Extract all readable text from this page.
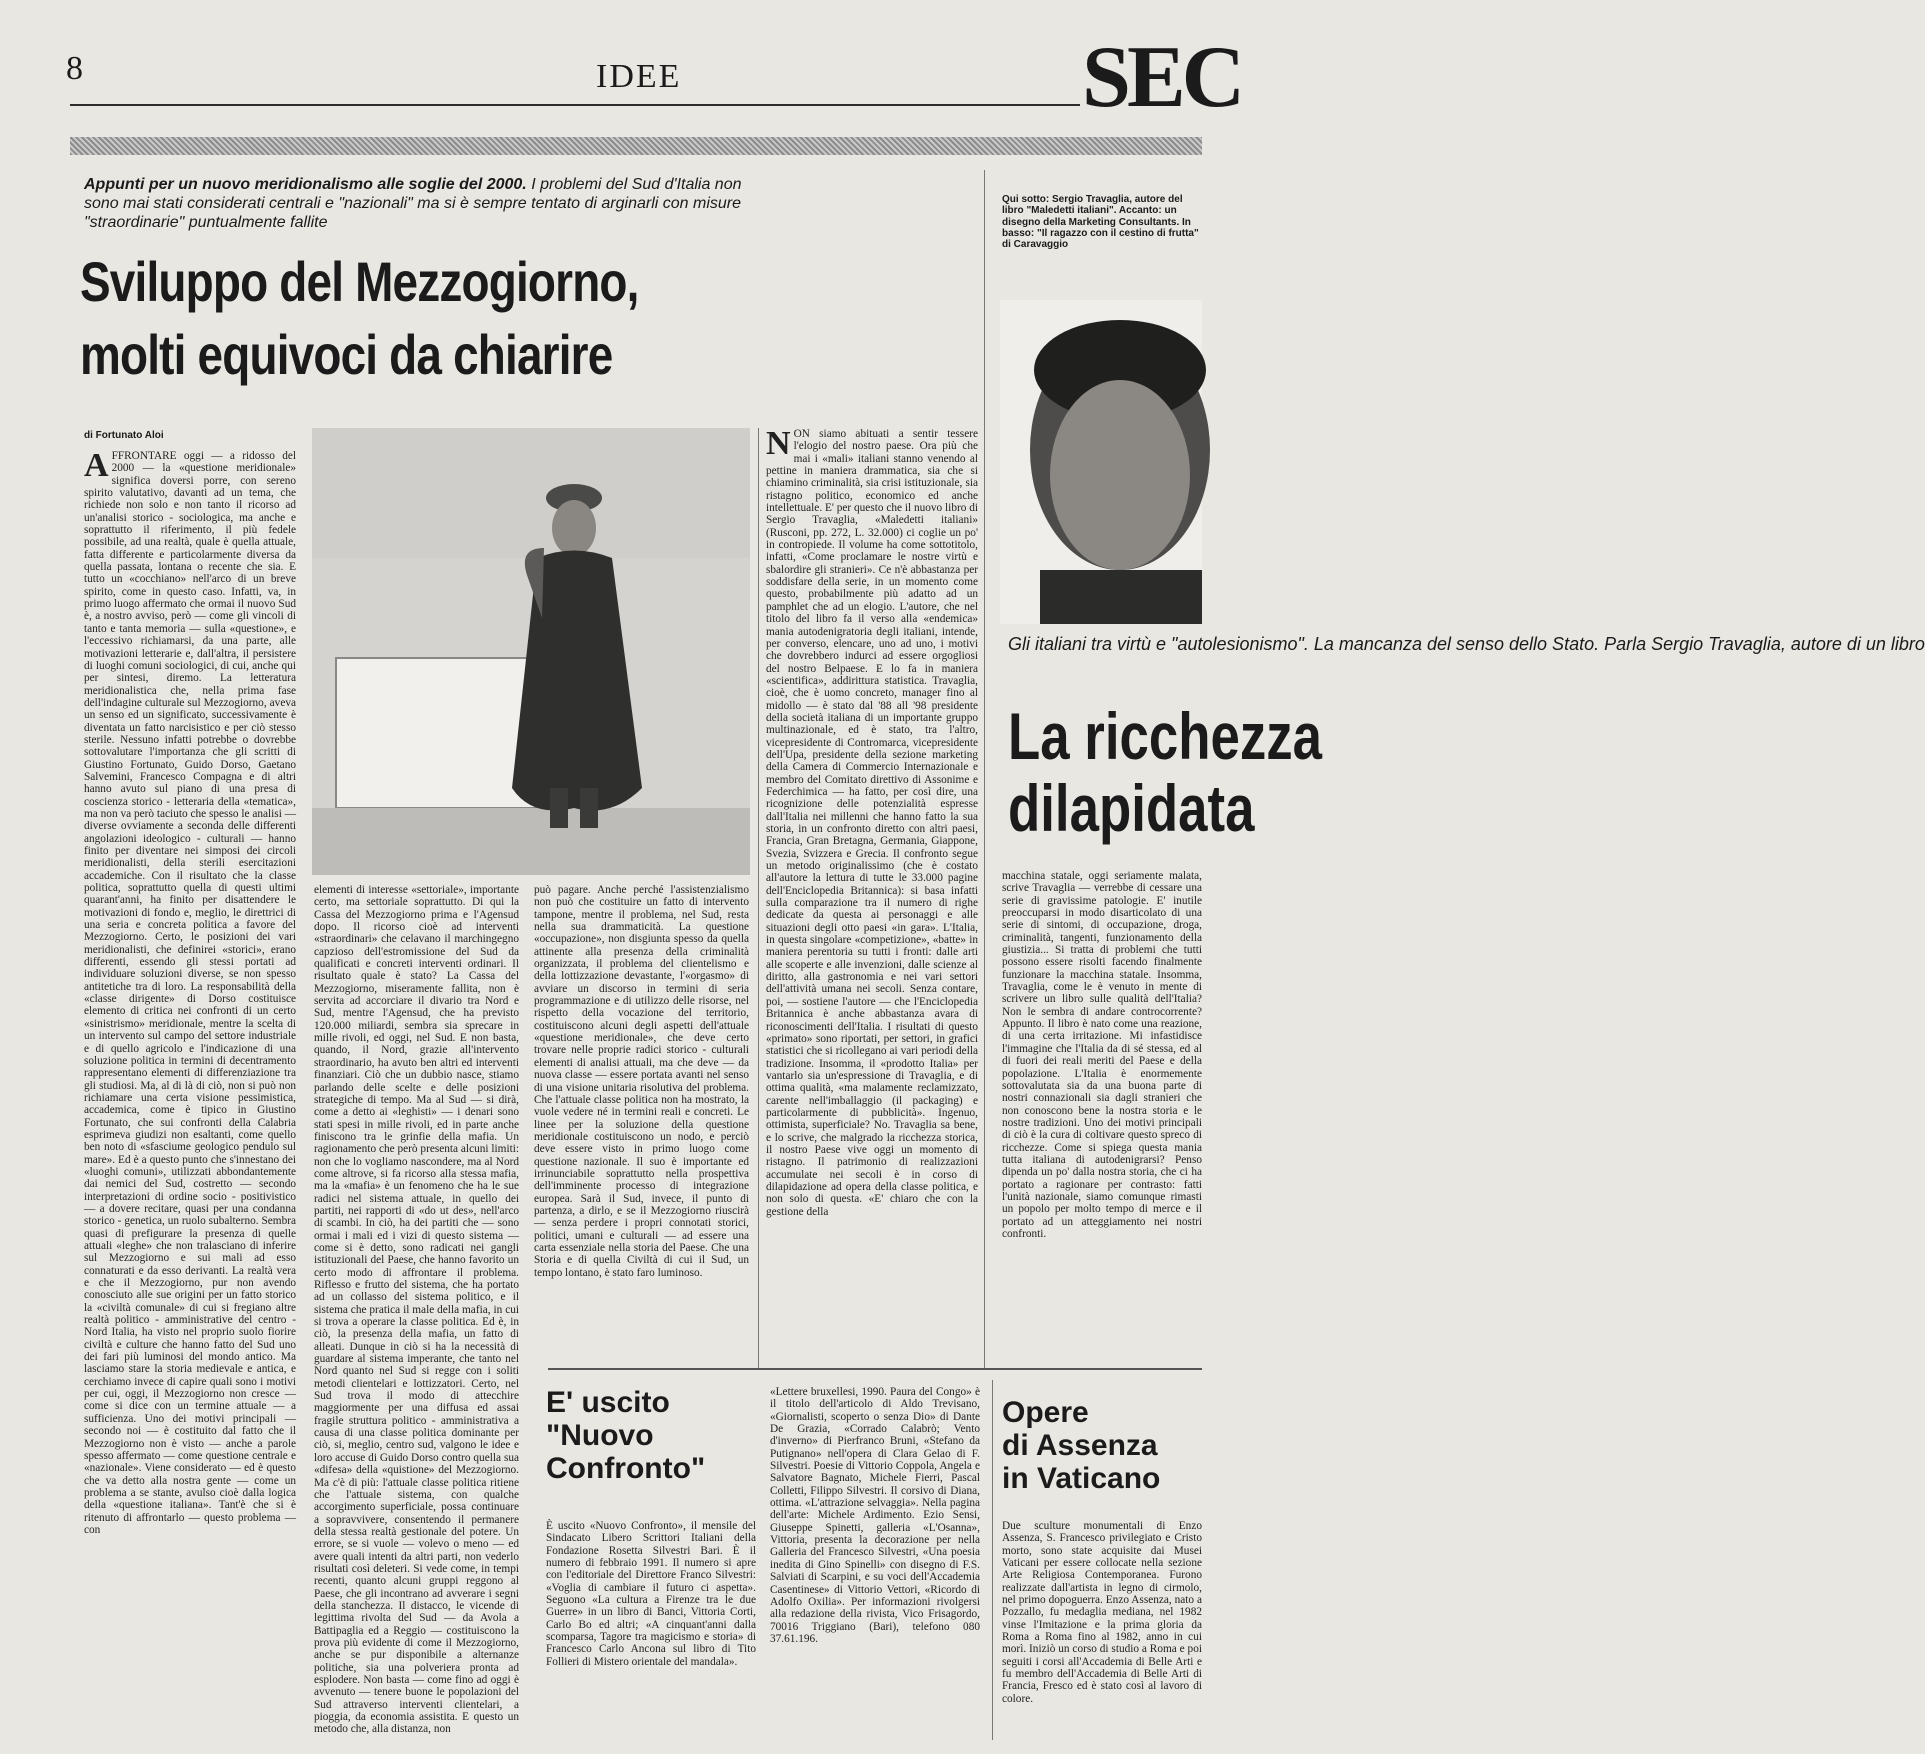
8	IDEE	SEC
Appunti per un nuovo meridionalismo alle soglie del 2000. I problemi del Sud d'Italia non sono mai stati considerati centrali e "nazionali" ma si è sempre tentato di arginarli con misure "straordinarie" puntualmente fallite
Sviluppo del Mezzogiorno,
molti equivoci da chiarire
di Fortunato Aloi
AFFRONTARE oggi — a ridosso del 2000 — la «questione meridionale» significa doversi porre, con sereno spirito valutativo, davanti ad un tema, che richiede non solo e non tanto il ricorso ad un'analisi storico - sociologica, ma anche e soprattutto il riferimento, il più fedele possibile, ad una realtà, quale è quella attuale, fatta differente e particolarmente diversa da quella passata, lontana o recente che sia. E tutto un «cocchiano» nell'arco di un breve spirito, come in questo caso. Infatti, va, in primo luogo affermato che ormai il nuovo Sud è, a nostro avviso, però — come gli vincoli di tanto e tanta memoria — sulla «questione», e l'eccessivo richiamarsi, da una parte, alle motivazioni letterarie e, dall'altra, il persistere di luoghi comuni sociologici, di cui, anche qui per sintesi, diremo. La letteratura meridionalistica che, nella prima fase dell'indagine culturale sul Mezzogiorno, aveva un senso ed un significato, successivamente è diventata un fatto narcisistico e per ciò stesso sterile. Nessuno infatti potrebbe o dovrebbe sottovalutare l'importanza che gli scritti di Giustino Fortunato, Guido Dorso, Gaetano Salvemini, Francesco Compagna e di altri hanno avuto sul piano di una presa di coscienza storico - letteraria della «tematica», ma non va però taciuto che spesso le analisi — diverse ovviamente a seconda delle differenti angolazioni ideologico - culturali — hanno finito per diventare nei simposi dei circoli meridionalisti, della sterili esercitazioni accademiche. Con il risultato che la classe politica, soprattutto quella di questi ultimi quarant'anni, ha finito per disattendere le motivazioni di fondo e, meglio, le direttrici di una seria e concreta politica a favore del Mezzogiorno. Certo, le posizioni dei vari meridionalisti, che definirei «storici», erano differenti, essendo gli stessi portati ad individuare soluzioni diverse, se non spesso antitetiche tra di loro. La responsabilità della «classe dirigente» di Dorso costituisce elemento di critica nei confronti di un certo «sinistrismo» meridionale, mentre la scelta di un intervento sul campo del settore industriale e di quello agricolo e l'indicazione di una soluzione politica in termini di decentramento rappresentano elementi di differenziazione tra gli studiosi. Ma, al di là di ciò, non si può non richiamare una certa visione pessimistica, accademica, come è tipico in Giustino Fortunato, che sui confronti della Calabria esprimeva giudizi non esaltanti, come quello ben noto di «sfasciume geologico pendulo sul mare». Ed è a questo punto che s'innestano dei «luoghi comuni», utilizzati abbondantemente dai nemici del Sud, costretto — secondo interpretazioni di ordine socio - positivistico — a dovere recitare, quasi per una condanna storico - genetica, un ruolo subalterno. Sembra quasi di prefigurare la presenza di quelle attuali «leghe» che non tralasciano di inferire sul Mezzogiorno e sui mali ad esso connaturati e da esso derivanti. La realtà vera e che il Mezzogiorno, pur non avendo conosciuto alle sue origini per un fatto storico la «civiltà comunale» di cui si fregiano altre realtà politico - amministrative del centro - Nord Italia, ha visto nel proprio suolo fiorire civiltà e culture che hanno fatto del Sud uno dei fari più luminosi del mondo antico. Ma lasciamo stare la storia medievale e antica, e cerchiamo invece di capire quali sono i motivi per cui, oggi, il Mezzogiorno non cresce — come si dice con un termine attuale — a sufficienza. Uno dei motivi principali — secondo noi — è costituito dal fatto che il Mezzogiorno non è visto — anche a parole spesso affermato — come questione centrale e «nazionale». Viene considerato — ed è questo che va detto alla nostra gente — come un problema a se stante, avulso cioè dalla logica della «questione italiana». Tant'è che si è ritenuto di affrontarlo — questo problema — con
elementi di interesse «settoriale», importante certo, ma settoriale soprattutto. Di qui la Cassa del Mezzogiorno prima e l'Agensud dopo. Il ricorso cioè ad interventi «straordinari» che celavano il marchingegno capzioso dell'estromissione del Sud da qualificati e concreti interventi ordinari. Il risultato quale è stato? La Cassa del Mezzogiorno, miseramente fallita, non è servita ad accorciare il divario tra Nord e Sud, mentre l'Agensud, che ha previsto 120.000 miliardi, sembra sia sprecare in mille rivoli, ed oggi, nel Sud. E non basta, quando, il Nord, grazie all'intervento straordinario, ha avuto ben altri ed interventi finanziari. Ciò che un dubbio nasce, stiamo parlando delle scelte e delle posizioni strategiche di tempo. Ma al Sud — si dirà, come a detto ai «leghisti» — i denari sono stati spesi in mille rivoli, ed in parte anche finiscono tra le grinfie della mafia. Un ragionamento che però presenta alcuni limiti: non che lo vogliamo nascondere, ma al Nord come altrove, si fa ricorso alla stessa mafia, ma la «mafia» è un fenomeno che ha le sue radici nel sistema attuale, in quello dei partiti, nei rapporti di «do ut des», nell'arco di scambi. In ciò, ha dei partiti che — sono ormai i mali ed i vizi di questo sistema — come si è detto, sono radicati nei gangli istituzionali del Paese, che hanno favorito un certo modo di affrontare il problema. Riflesso e frutto del sistema, che ha portato ad un collasso del sistema politico, e il sistema che pratica il male della mafia, in cui si trova a operare la classe politica. Ed è, in ciò, la presenza della mafia, un fatto di alleati. Dunque in ciò si ha la necessità di guardare al sistema imperante, che tanto nel Nord quanto nel Sud si regge con i soliti metodi clientelari e lottizzatori. Certo, nel Sud trova il modo di attecchire maggiormente per una diffusa ed assai fragile struttura politico - amministrativa a causa di una classe politica dominante per ciò, si, meglio, centro sud, valgono le idee e loro accuse di Guido Dorso contro quella sua «difesa» della «quistione» del Mezzogiorno. Ma c'è di più: l'attuale classe politica ritiene che l'attuale sistema, con qualche accorgimento superficiale, possa continuare a sopravvivere, consentendo il permanere della stessa realtà gestionale del potere. Un errore, se si vuole — volevo o meno — ed avere quali intenti da altri parti, non vederlo risultati così deleteri. Si vede come, in tempi recenti, quanto alcuni gruppi reggono al Paese, che gli incontrano ad avverare i segni della stanchezza. Il distacco, le vicende di legittima rivolta del Sud — da Avola a Battipaglia ed a Reggio — costituiscono la prova più evidente di come il Mezzogiorno, anche se pur disponibile a alternanze politiche, sia una polveriera pronta ad esplodere. Non basta — come fino ad oggi è avvenuto — tenere buone le popolazioni del Sud attraverso interventi clientelari, a pioggia, da economia assistita. E questo un metodo che, alla distanza, non
può pagare. Anche perché l'assistenzialismo non può che costituire un fatto di intervento tampone, mentre il problema, nel Sud, resta nella sua drammaticità. La questione «occupazione», non disgiunta spesso da quella attinente alla presenza della criminalità organizzata, il problema del clientelismo e della lottizzazione devastante, l'«orgasmo» di avviare un discorso in termini di seria programmazione e di utilizzo delle risorse, nel rispetto della vocazione del territorio, costituiscono alcuni degli aspetti dell'attuale «questione meridionale», che deve certo trovare nelle proprie radici storico - culturali elementi di analisi attuali, ma che deve — da nuova classe — essere portata avanti nel senso di una visione unitaria risolutiva del problema. Che l'attuale classe politica non ha mostrato, la vuole vedere né in termini reali e concreti. Le linee per la soluzione della questione meridionale costituiscono un nodo, e perciò deve essere visto in primo luogo come questione nazionale. Il suo è importante ed irrinunciabile soprattutto nella prospettiva dell'imminente processo di integrazione europea. Sarà il Sud, invece, il punto di partenza, a dirlo, e se il Mezzogiorno riuscirà — senza perdere i propri connotati storici, politici, umani e culturali — ad essere una carta essenziale nella storia del Paese. Che una Storia e di quella Civiltà di cui il Sud, un tempo lontano, è stato faro luminoso.
NON siamo abituati a sentir tessere l'elogio del nostro paese. Ora più che mai i «mali» italiani stanno venendo al pettine in maniera drammatica, sia che si chiamino criminalità, sia crisi istituzionale, sia ristagno politico, economico ed anche intellettuale. E' per questo che il nuovo libro di Sergio Travaglia, «Maledetti italiani» (Rusconi, pp. 272, L. 32.000) ci coglie un po' in contropiede. Il volume ha come sottotitolo, infatti, «Come proclamare le nostre virtù e sbalordire gli stranieri». Ce n'è abbastanza per soddisfare della serie, in un momento come questo, probabilmente più adatto ad un pamphlet che ad un elogio. L'autore, che nel titolo del libro fa il verso alla «endemica» mania autodenigratoria degli italiani, intende, per converso, elencare, uno ad uno, i motivi che dovrebbero indurci ad essere orgogliosi del nostro Belpaese. E lo fa in maniera «scientifica», addirittura statistica. Travaglia, cioè, che è uomo concreto, manager fino al midollo — è stato dal '88 all '98 presidente della società italiana di un importante gruppo multinazionale, ed è stato, tra l'altro, vicepresidente di Contromarca, vicepresidente dell'Upa, presidente della sezione marketing della Camera di Commercio Internazionale e membro del Comitato direttivo di Assonime e Federchimica — ha fatto, per così dire, una ricognizione delle potenzialità espresse dall'Italia nei millenni che hanno fatto la sua storia, in un confronto diretto con altri paesi, Francia, Gran Bretagna, Germania, Giappone, Svezia, Svizzera e Grecia. Il confronto segue un metodo originalissimo (che è costato all'autore la lettura di tutte le 33.000 pagine dell'Enciclopedia Britannica): si basa infatti sulla comparazione tra il numero di righe dedicate da questa ai personaggi e alle situazioni degli otto paesi «in gara». L'Italia, in questa singolare «competizione», «batte» in maniera perentoria su tutti i fronti: dalle arti alle scoperte e alle invenzioni, dalle scienze al diritto, alla gastronomia e nei vari settori dell'attività umana nei secoli. Senza contare, poi, — sostiene l'autore — che l'Enciclopedia Britannica è anche abbastanza avara di riconoscimenti dell'Italia. I risultati di questo «primato» sono riportati, per settori, in grafici statistici che si ricollegano ai vari periodi della tradizione. Insomma, il «prodotto Italia» per vantarlo sia un'espressione di Travaglia, e di ottima qualità, «ma malamente reclamizzato, carente nell'imballaggio (il packaging) e particolarmente di pubblicità». Ingenuo, ottimista, superficiale? No. Travaglia sa bene, e lo scrive, che malgrado la ricchezza storica, il nostro Paese vive oggi un momento di ristagno. Il patrimonio di realizzazioni accumulate nei secoli è in corso di dilapidazione ad opera della classe politica, e non solo di questa. «E' chiaro che con la gestione della
Qui sotto: Sergio Travaglia, autore del libro "Maledetti italiani". Accanto: un disegno della Marketing Consultants. In basso: "Il ragazzo con il cestino di frutta" di Caravaggio
Gli italiani tra virtù e "autolesionismo". La mancanza del senso dello Stato. Parla Sergio Travaglia, autore di un libro
La ricchezza
dilapidata
macchina statale, oggi seriamente malata, scrive Travaglia — verrebbe di cessare una serie di gravissime patologie. E' inutile preoccuparsi in modo disarticolato di una serie di sintomi, di occupazione, droga, criminalità, tangenti, funzionamento della giustizia... Si tratta di problemi che tutti possono essere risolti facendo finalmente funzionare la macchina statale. Insomma, Travaglia, come le è venuto in mente di scrivere un libro sulle qualità dell'Italia? Non le sembra di andare controcorrente? Appunto. Il libro è nato come una reazione, di una certa irritazione. Mi infastidisce l'immagine che l'Italia da di sé stessa, ed al di fuori dei reali meriti del Paese e della popolazione. L'Italia è enormemente sottovalutata sia da una buona parte di nostri connazionali sia dagli stranieri che non conoscono bene la nostra storia e le nostre tradizioni. Uno dei motivi principali di ciò è la cura di coltivare questo spreco di ricchezze. Come si spiega questa mania tutta italiana di autodenigrarsi? Penso dipenda un po' dalla nostra storia, che ci ha portato a ragionare per contrasto: fatti l'unità nazionale, siamo comunque rimasti un popolo per molto tempo di merce e il portato ad un atteggiamento nei nostri confronti.
E' uscito
"Nuovo
Confronto"
È uscito «Nuovo Confronto», il mensile del Sindacato Libero Scrittori Italiani della Fondazione Rosetta Silvestri Bari. È il numero di febbraio 1991. Il numero si apre con l'editoriale del Direttore Franco Silvestri: «Voglia di cambiare il futuro ci aspetta». Seguono «La cultura a Firenze tra le due Guerre» in un libro di Banci, Vittoria Corti, Carlo Bo ed altri; «A cinquant'anni dalla scomparsa, Tagore tra magicismo e storia» di Francesco Carlo Ancona sul libro di Tito Follieri di Mistero orientale del mandala».
«Lettere bruxellesi, 1990. Paura del Congo» è il titolo dell'articolo di Aldo Trevisano, «Giornalisti, scoperto o senza Dio» di Dante De Grazia, «Corrado Calabrò; Vento d'inverno» di Pierfranco Bruni, «Stefano da Putignano» nell'opera di Clara Gelao di F. Silvestri. Poesie di Vittorio Coppola, Angela e Salvatore Bagnato, Michele Fierri, Pascal Colletti, Filippo Silvestri. Il corsivo di Diana, ottima. «L'attrazione selvaggia». Nella pagina dell'arte: Michele Ardimento. Ezio Sensi, Giuseppe Spinetti, galleria «L'Osanna», Vittoria, presenta la decorazione per nella Galleria del Francesco Silvestri, «Una poesia inedita di Gino Spinelli» con disegno di F.S. Salviati di Scarpini, e su voci dell'Accademia Casentinese» di Vittorio Vettori, «Ricordo di Adolfo Oxilia». Per informazioni rivolgersi alla redazione della rivista, Vico Frisagordo, 70016 Triggiano (Bari), telefono 080 37.61.196.
Opere
di Assenza
in Vaticano
Due sculture monumentali di Enzo Assenza, S. Francesco privilegiato e Cristo morto, sono state acquisite dai Musei Vaticani per essere collocate nella sezione Arte Religiosa Contemporanea. Furono realizzate dall'artista in legno di cirmolo, nel primo dopoguerra. Enzo Assenza, nato a Pozzallo, fu medaglia mediana, nel 1982 vinse l'Imitazione e la prima gloria da Roma a Roma fino al 1982, anno in cui morì. Iniziò un corso di studio a Roma e poi seguiti i corsi all'Accademia di Belle Arti e fu membro dell'Accademia di Belle Arti di Francia, Fresco ed è stato così al lavoro di colore.
